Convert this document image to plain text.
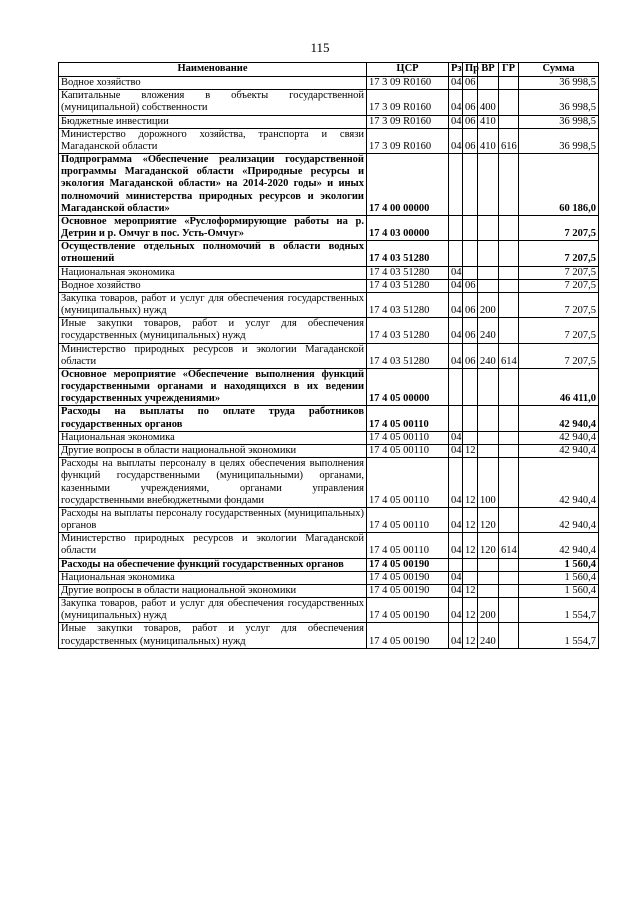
115
Наименование	ЦСР	Рз	Пр	ВР	ГР	Сумма
Водное хозяйство	17 3 09 R0160	04	06			36 998,5
Капитальные вложения в объекты государственной (муниципальной) собственности	17 3 09 R0160	04	06	400		36 998,5
Бюджетные инвестиции	17 3 09 R0160	04	06	410		36 998,5
Министерство дорожного хозяйства, транспорта и связи Магаданской области	17 3 09 R0160	04	06	410	616	36 998,5
Подпрограмма «Обеспечение реализации государственной программы Магаданской области «Природные ресурсы и экология Магаданской области» на 2014-2020 годы» и иных полномочий министерства природных ресурсов и экологии Магаданской области»	17 4 00 00000					60 186,0
Основное мероприятие «Руслоформирующие работы на р. Детрин и р. Омчуг в пос. Усть-Омчуг»	17 4 03 00000					7 207,5
Осуществление отдельных полномочий в области водных отношений	17 4 03 51280					7 207,5
Национальная экономика	17 4 03 51280	04				7 207,5
Водное хозяйство	17 4 03 51280	04	06			7 207,5
Закупка товаров, работ и услуг для обеспечения государственных (муниципальных) нужд	17 4 03 51280	04	06	200		7 207,5
Иные закупки товаров, работ и услуг для обеспечения государственных (муниципальных) нужд	17 4 03 51280	04	06	240		7 207,5
Министерство природных ресурсов и экологии Магаданской области	17 4 03 51280	04	06	240	614	7 207,5
Основное мероприятие «Обеспечение выполнения функций государственными органами и находящихся в их ведении государственных учреждениями»	17 4 05 00000					46 411,0
Расходы на выплаты по оплате труда работников государственных органов	17 4 05 00110					42 940,4
Национальная экономика	17 4 05 00110	04				42 940,4
Другие вопросы в области национальной экономики	17 4 05 00110	04	12			42 940,4
Расходы на выплаты персоналу в целях обеспечения выполнения функций государственными (муниципальными) органами, казенными учреждениями, органами управления государственными внебюджетными фондами	17 4 05 00110	04	12	100		42 940,4
Расходы на выплаты персоналу государственных (муниципальных) органов	17 4 05 00110	04	12	120		42 940,4
Министерство природных ресурсов и экологии Магаданской области	17 4 05 00110	04	12	120	614	42 940,4
Расходы на обеспечение функций государственных органов	17 4 05 00190					1 560,4
Национальная экономика	17 4 05 00190	04				1 560,4
Другие вопросы в области национальной экономики	17 4 05 00190	04	12			1 560,4
Закупка товаров, работ и услуг для обеспечения государственных (муниципальных) нужд	17 4 05 00190	04	12	200		1 554,7
Иные закупки товаров, работ и услуг для обеспечения государственных (муниципальных) нужд	17 4 05 00190	04	12	240		1 554,7
